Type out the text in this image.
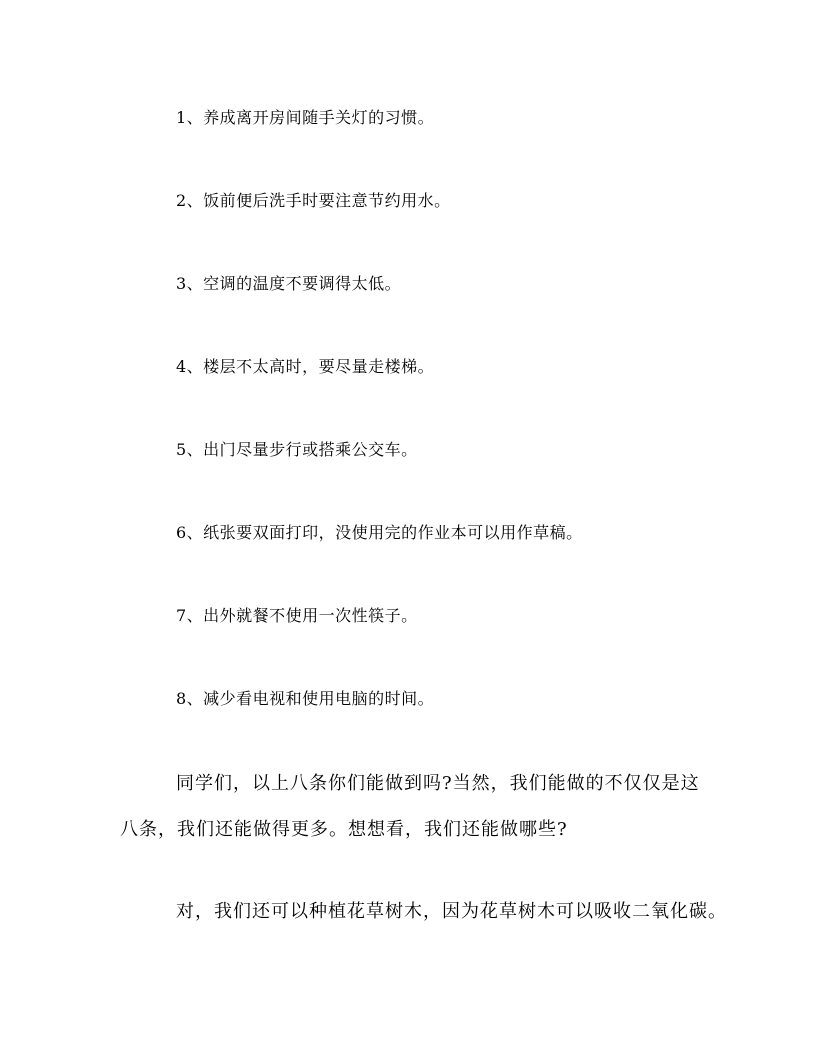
1、养成离开房间随手关灯的习惯。
2、饭前便后洗手时要注意节约用水。
3、空调的温度不要调得太低。
4、楼层不太高时，要尽量走楼梯。
5、出门尽量步行或搭乘公交车。
6、纸张要双面打印，没使用完的作业本可以用作草稿。
7、出外就餐不使用一次性筷子。
8、减少看电视和使用电脑的时间。
同学们，以上八条你们能做到吗?当然，我们能做的不仅仅是这
八条，我们还能做得更多。想想看，我们还能做哪些?
对，我们还可以种植花草树木，因为花草树木可以吸收二氧化碳。
